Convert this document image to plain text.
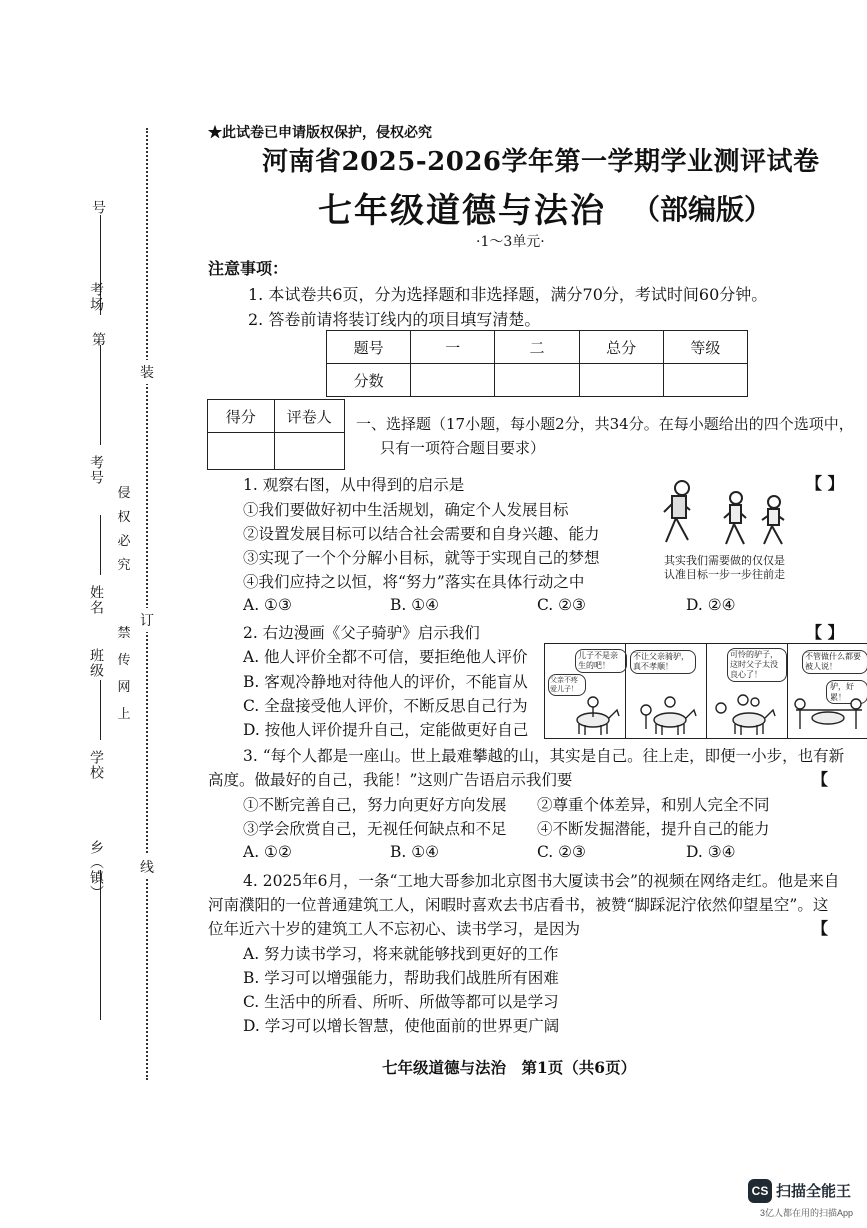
号
考场
第
考号
姓名
班级
学校
乡（镇）
侵
权
必
究
禁
传
网
上
装
订
线
★此试卷已申请版权保护，侵权必究
河南省2025-2026学年第一学期学业测评试卷
七年级道德与法治 （部编版）
·1～3单元·
注意事项：
1. 本试卷共6页，分为选择题和非选择题，满分70分，考试时间60分钟。
2. 答卷前请将装订线内的项目填写清楚。
题号	一	二	总分	等级
分数				
得分	评卷人
	一、选择题（17小题，每小题2分，共34分。在每小题给出的四个选项中，
只有一项符合题目要求）
1. 观察右图，从中得到的启示是	【 】
①我们要做好初中生活规划，确定个人发展目标
②设置发展目标可以结合社会需要和自身兴趣、能力
③实现了一个个分解小目标，就等于实现自己的梦想
④我们应持之以恒，将“努力”落实在具体行动之中
A. ①③	B. ①④	C. ②③	D. ②④
其实我们需要做的仅仅是
认准目标一步一步往前走
2. 右边漫画《父子骑驴》启示我们	【 】
A. 他人评价全都不可信，要拒绝他人评价
B. 客观冷静地对待他人的评价，不能盲从
C. 全盘接受他人评价，不断反思自己行为
D. 按他人评价提升自己，定能做更好自己
儿子不是亲生的吧！
父亲不疼爱儿子！
不让父亲骑驴，真不孝顺！
可怜的驴子，这时父子太没良心了！
不管做什么都要被人说！
驴，好累！
3. “每个人都是一座山。世上最难攀越的山，其实是自己。往上走，即便一小步，也有新
高度。做最好的自己，我能！”这则广告语启示我们要	【
①不断完善自己，努力向更好方向发展 ②尊重个体差异，和别人完全不同
③学会欣赏自己，无视任何缺点和不足 ④不断发掘潜能，提升自己的能力
A. ①②	B. ①④	C. ②③	D. ③④
4. 2025年6月，一条“工地大哥参加北京图书大厦读书会”的视频在网络走红。他是来自
河南濮阳的一位普通建筑工人，闲暇时喜欢去书店看书，被赞“脚踩泥泞依然仰望星空”。这
位年近六十岁的建筑工人不忘初心、读书学习，是因为	【
A. 努力读书学习，将来就能够找到更好的工作
B. 学习可以增强能力，帮助我们战胜所有困难
C. 生活中的所看、所听、所做等都可以是学习
D. 学习可以增长智慧，使他面前的世界更广阔
七年级道德与法治　第1页（共6页）
CS 扫描全能王
3亿人都在用的扫描App
